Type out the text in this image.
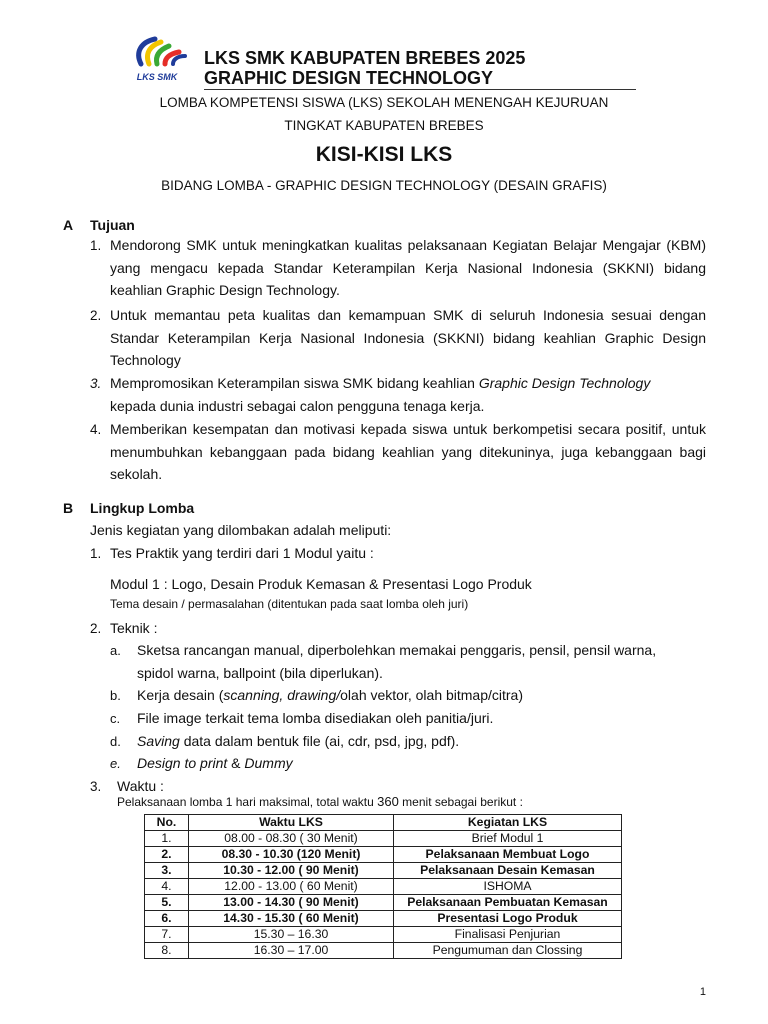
LKS SMK
LKS SMK KABUPATEN BREBES 2025
GRAPHIC DESIGN TECHNOLOGY
LOMBA KOMPETENSI SISWA (LKS) SEKOLAH MENENGAH KEJURUAN
TINGKAT KABUPATEN BREBES
KISI-KISI LKS
BIDANG LOMBA - GRAPHIC DESIGN TECHNOLOGY (DESAIN GRAFIS)
A Tujuan
1. Mendorong SMK untuk meningkatkan kualitas pelaksanaan Kegiatan Belajar Mengajar (KBM) yang mengacu kepada Standar Keterampilan Kerja Nasional Indonesia (SKKNI) bidang keahlian Graphic Design Technology.
2. Untuk memantau peta kualitas dan kemampuan SMK di seluruh Indonesia sesuai dengan Standar Keterampilan Kerja Nasional Indonesia (SKKNI) bidang keahlian Graphic Design Technology
3. Mempromosikan Keterampilan siswa SMK bidang keahlian Graphic Design Technology
kepada dunia industri sebagai calon pengguna tenaga kerja.
4. Memberikan kesempatan dan motivasi kepada siswa untuk berkompetisi secara positif, untuk menumbuhkan kebanggaan pada bidang keahlian yang ditekuninya, juga kebanggaan bagi sekolah.
B Lingkup Lomba
Jenis kegiatan yang dilombakan adalah meliputi:
1. Tes Praktik yang terdiri dari 1 Modul yaitu :
Modul 1 : Logo, Desain Produk Kemasan & Presentasi Logo Produk
Tema desain / permasalahan (ditentukan pada saat lomba oleh juri)
2. Teknik :
a. Sketsa rancangan manual, diperbolehkan memakai penggaris, pensil, pensil warna,
spidol warna, ballpoint (bila diperlukan).
b. Kerja desain (scanning, drawing/olah vektor, olah bitmap/citra)
c. File image terkait tema lomba disediakan oleh panitia/juri.
d. Saving data dalam bentuk file (ai, cdr, psd, jpg, pdf).
e. Design to print & Dummy
3. Waktu :
Pelaksanaan lomba 1 hari maksimal, total waktu 360 menit sebagai berikut :
No.	Waktu LKS	Kegiatan LKS
1.	08.00 - 08.30 ( 30 Menit)	Brief Modul 1
2.	08.30 - 10.30 (120 Menit)	Pelaksanaan Membuat Logo
3.	10.30 - 12.00 ( 90 Menit)	Pelaksanaan Desain Kemasan
4.	12.00 - 13.00 ( 60 Menit)	ISHOMA
5.	13.00 - 14.30 ( 90 Menit)	Pelaksanaan Pembuatan Kemasan
6.	14.30 - 15.30 ( 60 Menit)	Presentasi Logo Produk
7.	15.30 – 16.30	Finalisasi Penjurian
8.	16.30 – 17.00	Pengumuman dan Clossing
1
